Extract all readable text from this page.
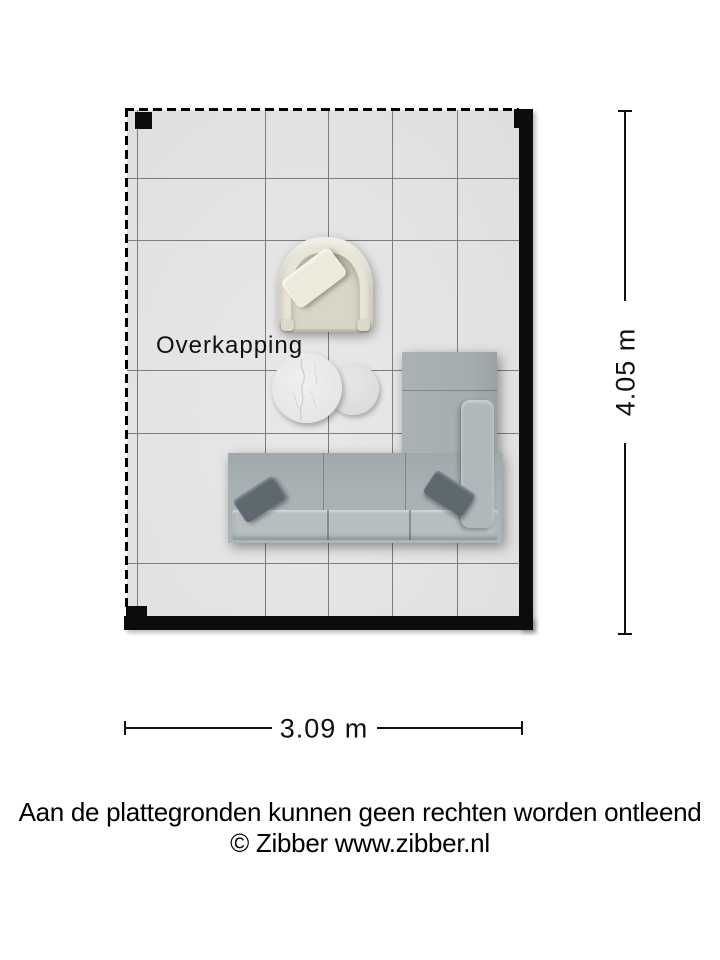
Overkapping	4.05 m
3.09 m
Aan de plattegronden kunnen geen rechten worden ontleend
© Zibber www.zibber.nl
